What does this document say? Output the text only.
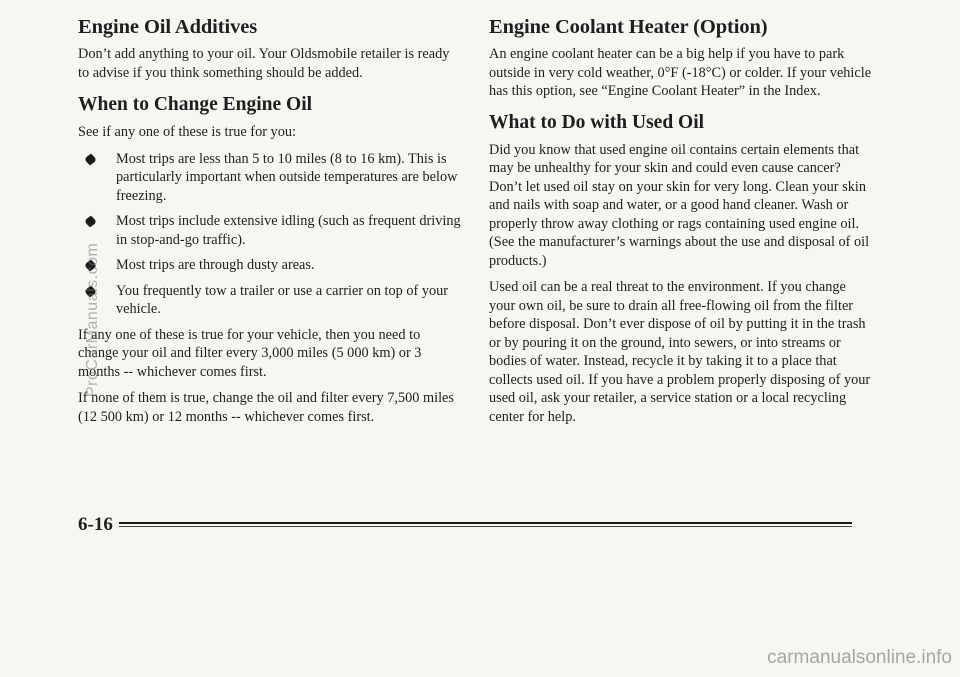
Engine Oil Additives

Don’t add anything to your oil. Your Oldsmobile retailer is ready to advise if you think something should be added.

When to Change Engine Oil

See if any one of these is true for you:

Most trips are less than 5 to 10 miles (8 to 16 km). This is particularly important when outside temperatures are below freezing.
Most trips include extensive idling (such as frequent driving in stop-and-go traffic).
Most trips are through dusty areas.
You frequently tow a trailer or use a carrier on top of your vehicle.

If any one of these is true for your vehicle, then you need to change your oil and filter every 3,000 miles (5 000 km) or 3 months -- whichever comes first.

If none of them is true, change the oil and filter every 7,500 miles (12 500 km) or 12 months -- whichever comes first.

Engine Coolant Heater (Option)

An engine coolant heater can be a big help if you have to park outside in very cold weather, 0°F (-18°C) or colder. If your vehicle has this option, see “Engine Coolant Heater” in the Index.

What to Do with Used Oil

Did you know that used engine oil contains certain elements that may be unhealthy for your skin and could even cause cancer? Don’t let used oil stay on your skin for very long. Clean your skin and nails with soap and water, or a good hand cleaner. Wash or properly throw away clothing or rags containing used engine oil. (See the manufacturer’s warnings about the use and disposal of oil products.)

Used oil can be a real threat to the environment. If you change your own oil, be sure to drain all free-flowing oil from the filter before disposal. Don’t ever dispose of oil by putting it in the trash or by pouring it on the ground, into sewers, or into streams or bodies of water. Instead, recycle it by taking it to a place that collects used oil. If you have a problem properly disposing of your used oil, ask your retailer, a service station or a local recycling center for help.

6-16
ProCarManuals.com
carmanualsonline.info
